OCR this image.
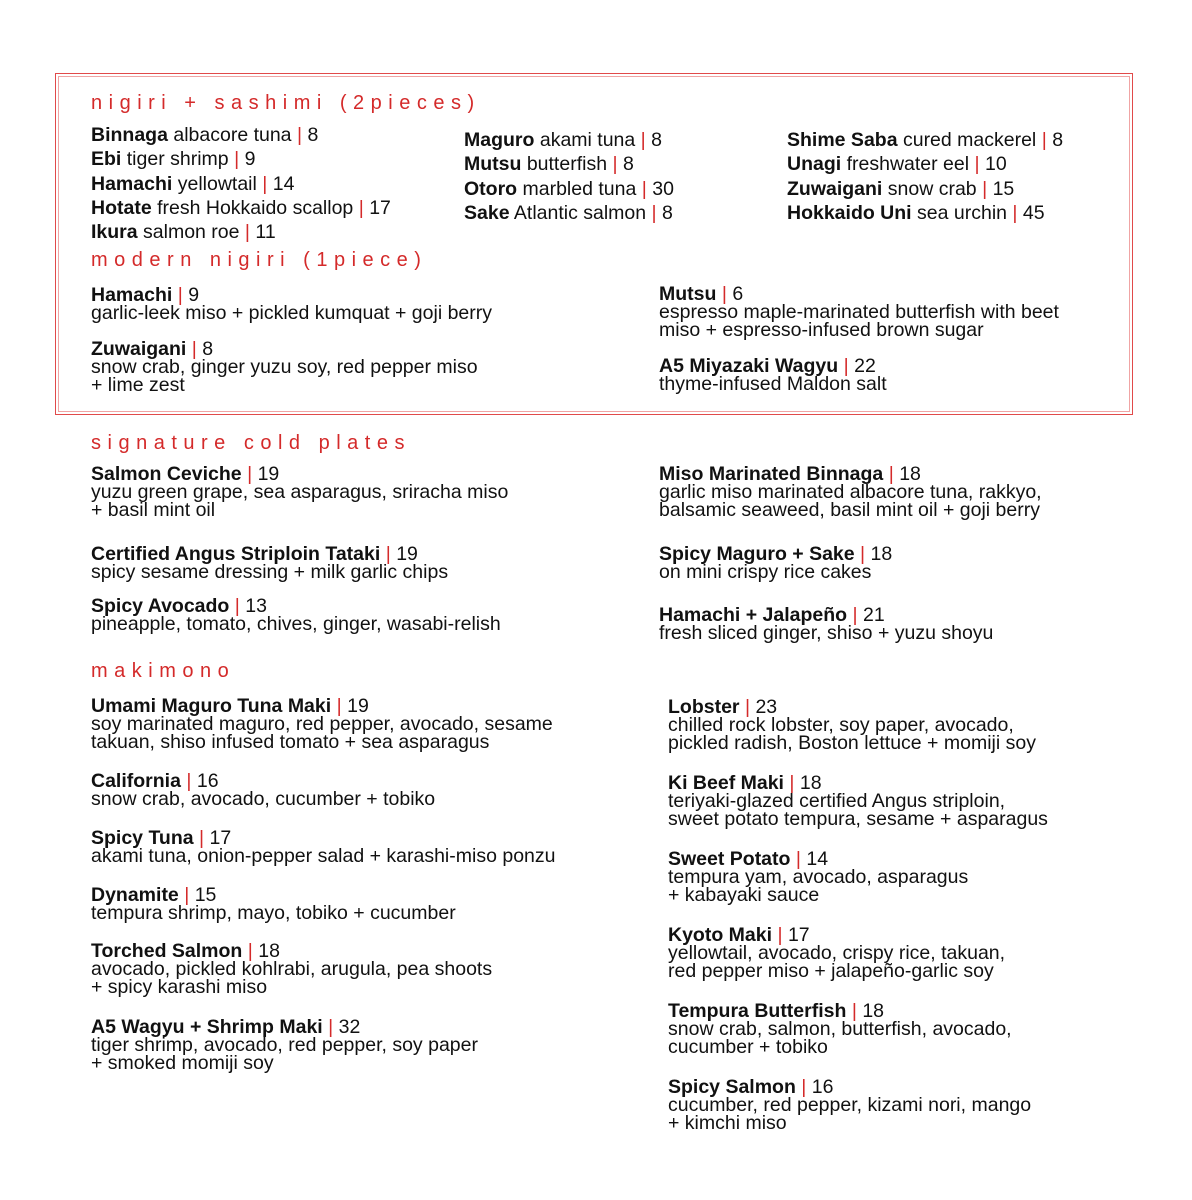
nigiri + sashimi (2pieces)
Binnaga albacore tuna | 8
Ebi tiger shrimp | 9
Hamachi yellowtail | 14
Hotate fresh Hokkaido scallop | 17
Ikura salmon roe | 11
Maguro akami tuna | 8
Mutsu butterfish | 8
Otoro marbled tuna | 30
Sake Atlantic salmon | 8
Shime Saba cured mackerel | 8
Unagi freshwater eel | 10
Zuwaigani snow crab | 15
Hokkaido Uni sea urchin | 45
modern nigiri (1piece)
Hamachi | 9
garlic-leek miso + pickled kumquat + goji berry
Zuwaigani | 8
snow crab, ginger yuzu soy, red pepper miso
+ lime zest
Mutsu | 6
espresso maple-marinated butterfish with beet
miso + espresso-infused brown sugar
A5 Miyazaki Wagyu | 22
thyme-infused Maldon salt
signature cold plates
Salmon Ceviche | 19
yuzu green grape, sea asparagus, sriracha miso
+ basil mint oil
Certified Angus Striploin Tataki | 19
spicy sesame dressing + milk garlic chips
Spicy Avocado | 13
pineapple, tomato, chives, ginger, wasabi-relish
Miso Marinated Binnaga | 18
garlic miso marinated albacore tuna, rakkyo,
balsamic seaweed, basil mint oil + goji berry
Spicy Maguro + Sake | 18
on mini crispy rice cakes
Hamachi + Jalapeño | 21
fresh sliced ginger, shiso + yuzu shoyu
makimono
Umami Maguro Tuna Maki | 19
soy marinated maguro, red pepper, avocado, sesame
takuan, shiso infused tomato + sea asparagus
California | 16
snow crab, avocado, cucumber + tobiko
Spicy Tuna | 17
akami tuna, onion-pepper salad + karashi-miso ponzu
Dynamite | 15
tempura shrimp, mayo, tobiko + cucumber
Torched Salmon | 18
avocado, pickled kohlrabi, arugula, pea shoots
+ spicy karashi miso
A5 Wagyu + Shrimp Maki | 32
tiger shrimp, avocado, red pepper, soy paper
+ smoked momiji soy
Lobster | 23
chilled rock lobster, soy paper, avocado,
pickled radish, Boston lettuce + momiji soy
Ki Beef Maki | 18
teriyaki-glazed certified Angus striploin,
sweet potato tempura, sesame + asparagus
Sweet Potato | 14
tempura yam, avocado, asparagus
+ kabayaki sauce
Kyoto Maki | 17
yellowtail, avocado, crispy rice, takuan,
red pepper miso + jalapeño-garlic soy
Tempura Butterfish | 18
snow crab, salmon, butterfish, avocado,
cucumber + tobiko
Spicy Salmon | 16
cucumber, red pepper, kizami nori, mango
+ kimchi miso
